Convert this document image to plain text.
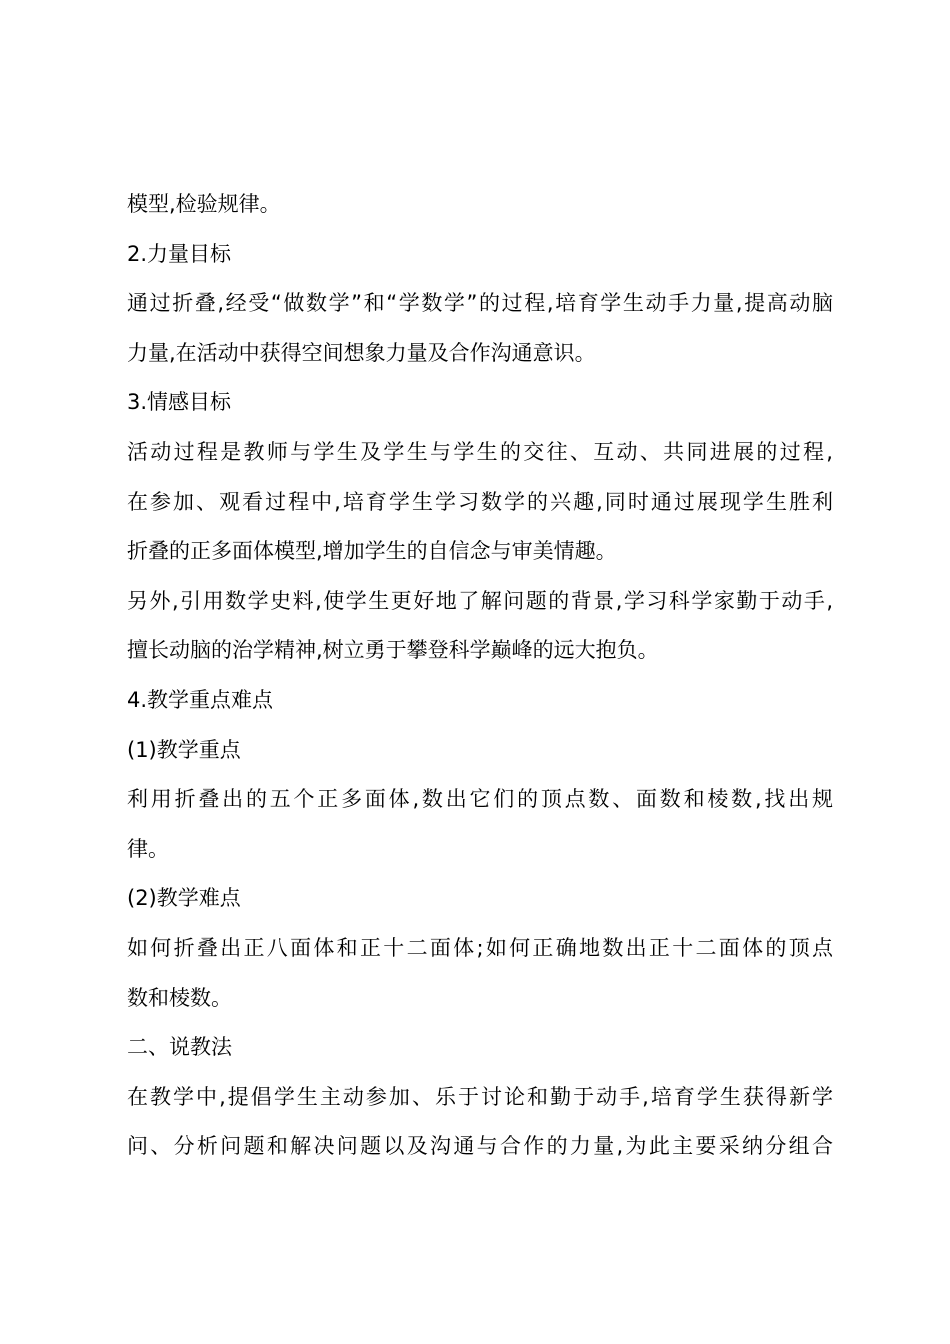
模型,检验规律。
2.力量目标
通过折叠,经受“做数学”和“学数学”的过程,培育学生动手力量,提高动脑
力量,在活动中获得空间想象力量及合作沟通意识。
3.情感目标
活动过程是教师与学生及学生与学生的交往、互动、共同进展的过程,
在参加、观看过程中,培育学生学习数学的兴趣,同时通过展现学生胜利
折叠的正多面体模型,增加学生的自信念与审美情趣。
另外,引用数学史料,使学生更好地了解问题的背景,学习科学家勤于动手,
擅长动脑的治学精神,树立勇于攀登科学巅峰的远大抱负。
4.教学重点难点
(1)教学重点
利用折叠出的五个正多面体,数出它们的顶点数、面数和棱数,找出规
律。
(2)教学难点
如何折叠出正八面体和正十二面体;如何正确地数出正十二面体的顶点
数和棱数。
二、说教法
在教学中,提倡学生主动参加、乐于讨论和勤于动手,培育学生获得新学
问、分析问题和解决问题以及沟通与合作的力量,为此主要采纳分组合
